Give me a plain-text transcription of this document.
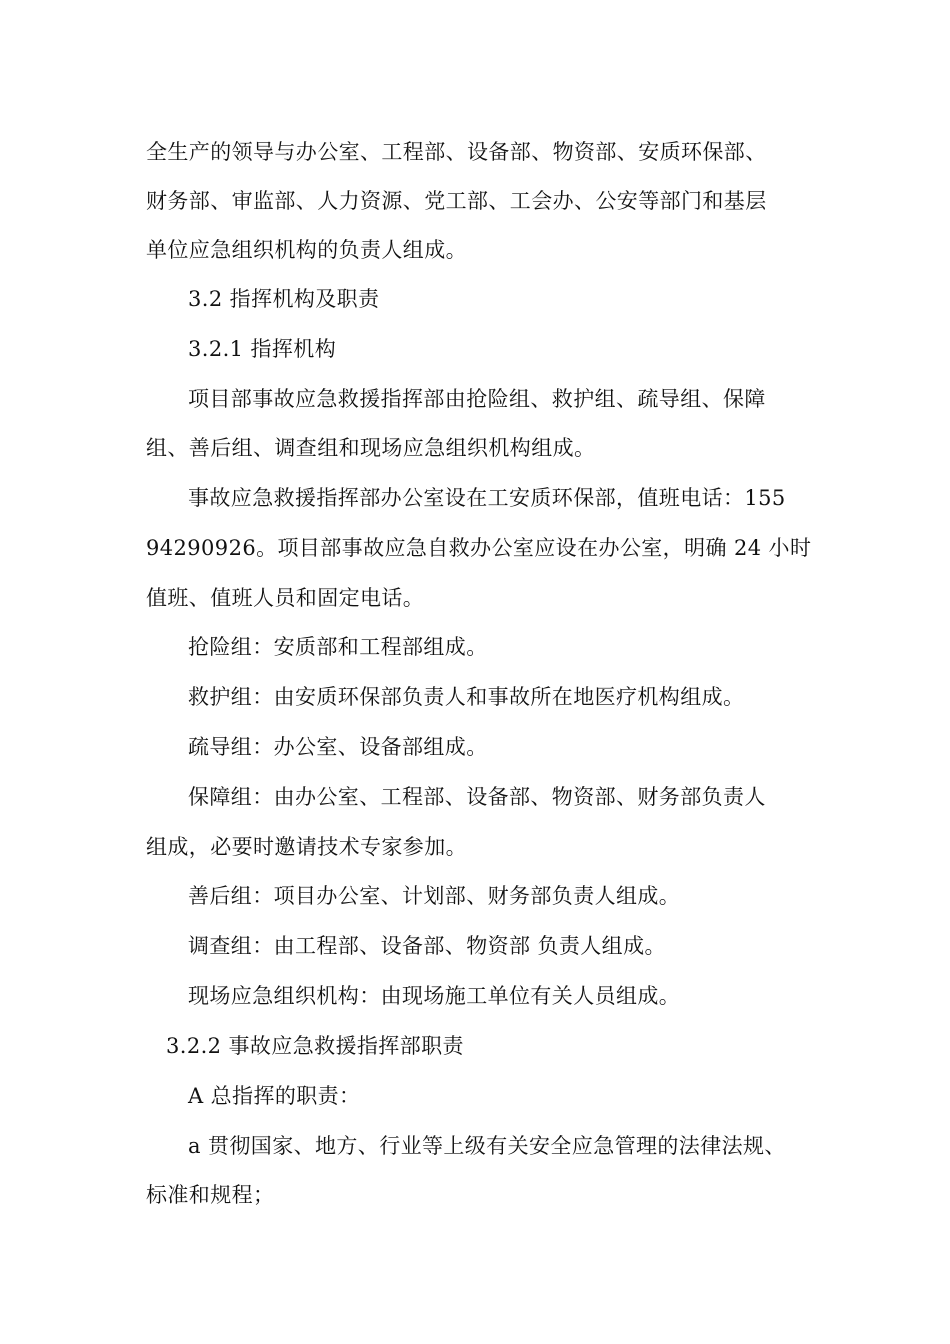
全生产的领导与办公室、工程部、设备部、物资部、安质环保部、
财务部、审监部、人力资源、党工部、工会办、公安等部门和基层
单位应急组织机构的负责人组成。
3.2 指挥机构及职责
3.2.1 指挥机构
项目部事故应急救援指挥部由抢险组、救护组、疏导组、保障
组、善后组、调查组和现场应急组织机构组成。
事故应急救援指挥部办公室设在工安质环保部，值班电话：155
94290926。项目部事故应急自救办公室应设在办公室，明确 24 小时
值班、值班人员和固定电话。
抢险组：安质部和工程部组成。
救护组：由安质环保部负责人和事故所在地医疗机构组成。
疏导组：办公室、设备部组成。
保障组：由办公室、工程部、设备部、物资部、财务部负责人
组成，必要时邀请技术专家参加。
善后组：项目办公室、计划部、财务部负责人组成。
调查组：由工程部、设备部、物资部 负责人组成。
现场应急组织机构：由现场施工单位有关人员组成。
3.2.2 事故应急救援指挥部职责
A 总指挥的职责：
a 贯彻国家、地方、行业等上级有关安全应急管理的法律法规、
标准和规程；
